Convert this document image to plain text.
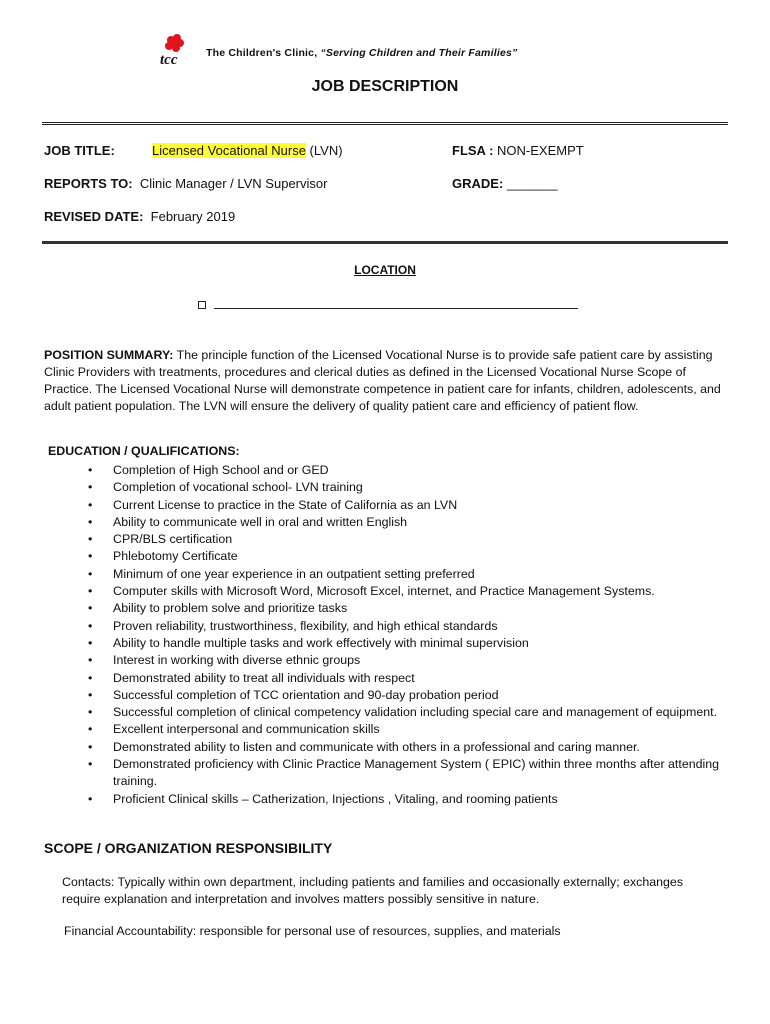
tcc	The Children's Clinic, “Serving Children and Their Families”
JOB DESCRIPTION
JOB TITLE:	Licensed Vocational Nurse (LVN)	FLSA : NON-EXEMPT
REPORTS TO:  Clinic Manager / LVN Supervisor	GRADE: _______
REVISED DATE:  February 2019
LOCATION
POSITION SUMMARY: The principle function of the Licensed Vocational Nurse is to provide safe patient care by assisting Clinic Providers with treatments, procedures and clerical duties as defined in the Licensed Vocational Nurse Scope of Practice. The Licensed Vocational Nurse will demonstrate competence in patient care for infants, children, adolescents, and adult patient population. The LVN will ensure the delivery of quality patient care and efficiency of patient flow.
EDUCATION / QUALIFICATIONS:
• Completion of High School and or GED
• Completion of vocational school- LVN training
• Current License to practice in the State of California as an LVN
• Ability to communicate well in oral and written English
• CPR/BLS certification
• Phlebotomy Certificate
• Minimum of one year experience in an outpatient setting preferred
• Computer skills with Microsoft Word, Microsoft Excel, internet, and Practice Management Systems.
• Ability to problem solve and prioritize tasks
• Proven reliability, trustworthiness, flexibility, and high ethical standards
• Ability to handle multiple tasks and work effectively with minimal supervision
• Interest in working with diverse ethnic groups
• Demonstrated ability to treat all individuals with respect
• Successful completion of TCC orientation and 90-day probation period
• Successful completion of clinical competency validation including special care and management of equipment.
• Excellent interpersonal and communication skills
• Demonstrated ability to listen and communicate with others in a professional and caring manner.
• Demonstrated proficiency with Clinic Practice Management System ( EPIC) within three months after attending training.
• Proficient Clinical skills – Catherization, Injections , Vitaling, and rooming patients
SCOPE / ORGANIZATION RESPONSIBILITY
Contacts: Typically within own department, including patients and families and occasionally externally; exchanges require explanation and interpretation and involves matters possibly sensitive in nature.
Financial Accountability: responsible for personal use of resources, supplies, and materials
